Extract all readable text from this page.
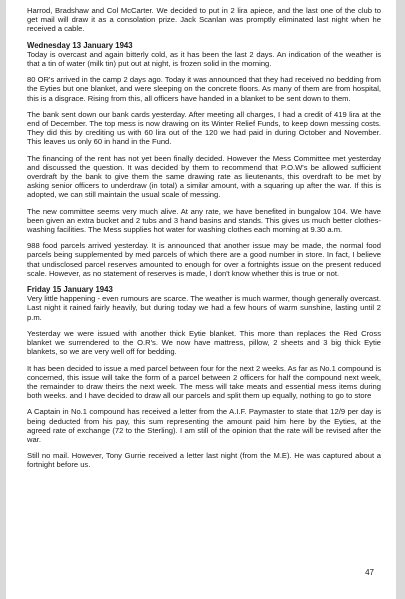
Harrod, Bradshaw and Col McCarter. We decided to put in 2 lira apiece, and the last one of the club to get mail will draw it as a consolation prize. Jack Scanlan was promptly eliminated last night when he received a cable.

Wednesday 13 January 1943

Today is overcast and again bitterly cold, as it has been the last 2 days. An indication of the weather is that a tin of water (milk tin) put out at night, is frozen solid in the morning.

80 OR's arrived in the camp 2 days ago. Today it was announced that they had received no bedding from the Eyties but one blanket, and were sleeping on the concrete floors. As many of them are from hospital, this is a disgrace. Rising from this, all officers have handed in a blanket to be sent down to them.

The bank sent down our bank cards yesterday. After meeting all charges, I had a credit of 419 lira at the end of December. The top mess is now drawing on its Winter Relief Funds, to keep down messing costs. They did this by crediting us with 60 lira out of the 120 we had paid in during October and November. This leaves us only 60 in hand in the Fund.

The financing of the rent has not yet been finally decided. However the Mess Committee met yesterday and discussed the question. It was decided by them to recommend that P.O.W's be allowed sufficient overdraft by the bank to give them the same drawing rate as lieutenants, this overdraft to be met by asking senior officers to underdraw (in total) a similar amount, with a squaring up after the war. If this is adopted, we can still maintain the usual scale of messing.

The new committee seems very much alive. At any rate, we have benefited in bungalow 104. We have been given an extra bucket and 2 tubs and 3 hand basins and stands. This gives us much better clothes-washing facilities. The Mess supplies hot water for washing clothes each morning at 9.30 a.m.

988 food parcels arrived yesterday. It is announced that another issue may be made, the normal food parcels being supplemented by med parcels of which there are a good number in store. In fact, I believe that undisclosed parcel reserves amounted to enough for over a fortnights issue on the present reduced scale. However, as no statement of reserves is made, I don't know whether this is true or not.

Friday 15 January 1943

Very little happening - even rumours are scarce. The weather is much warmer, though generally overcast. Last night it rained fairly heavily, but during today we had a few hours of warm sunshine, lasting until 2 p.m.

Yesterday we were issued with another thick Eytie blanket. This more than replaces the Red Cross blanket we surrendered to the O.R's. We now have mattress, pillow, 2 sheets and 3 big thick Eytie blankets, so we are very well off for bedding.

It has been decided to issue a med parcel between four for the next 2 weeks. As far as No.1 compound is concerned, this issue will take the form of a parcel between 2 officers for half the compound next week, the remainder to draw theirs the next week. The mess will take meats and essential mess items during both weeks. and I have decided to draw all our parcels and split them up equally, nothing to go to store

A Captain in No.1 compound has received a letter from the A.I.F. Paymaster to state that 12/9 per day is being deducted from his pay, this sum representing the amount paid him here by the Eyties, at the agreed rate of exchange (72 to the Sterling). I am still of the opinion that the rate will be revised after the war.

Still no mail. However, Tony Gurrie received a letter last night (from the M.E). He was captured about a fortnight before us.

47
